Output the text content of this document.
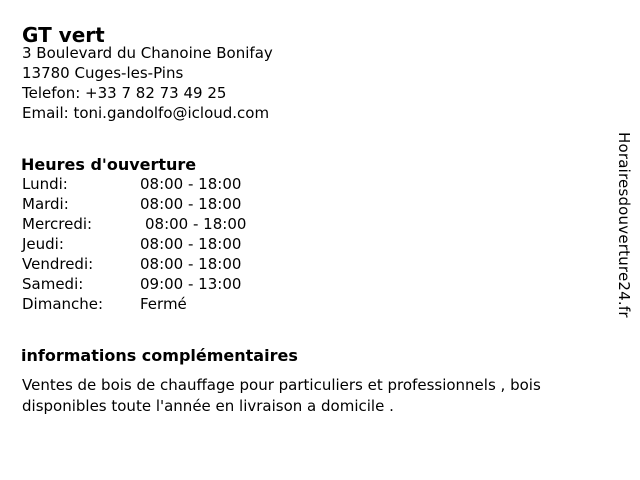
GT vert
3 Boulevard du Chanoine Bonifay
13780 Cuges-les-Pins
Telefon: +33 7 82 73 49 25
Email: toni.gandolfo@icloud.com
Heures d'ouverture
Lundi:	08:00 - 18:00
Mardi:	08:00 - 18:00
Mercredi:	08:00 - 18:00
Jeudi:	08:00 - 18:00
Vendredi:	08:00 - 18:00
Samedi:	09:00 - 13:00
Dimanche:	Fermé
informations complémentaires

Ventes de bois de chauffage pour particuliers et professionnels , bois disponibles toute l'année en livraison a domicile .

Horairesdouverture24.fr
